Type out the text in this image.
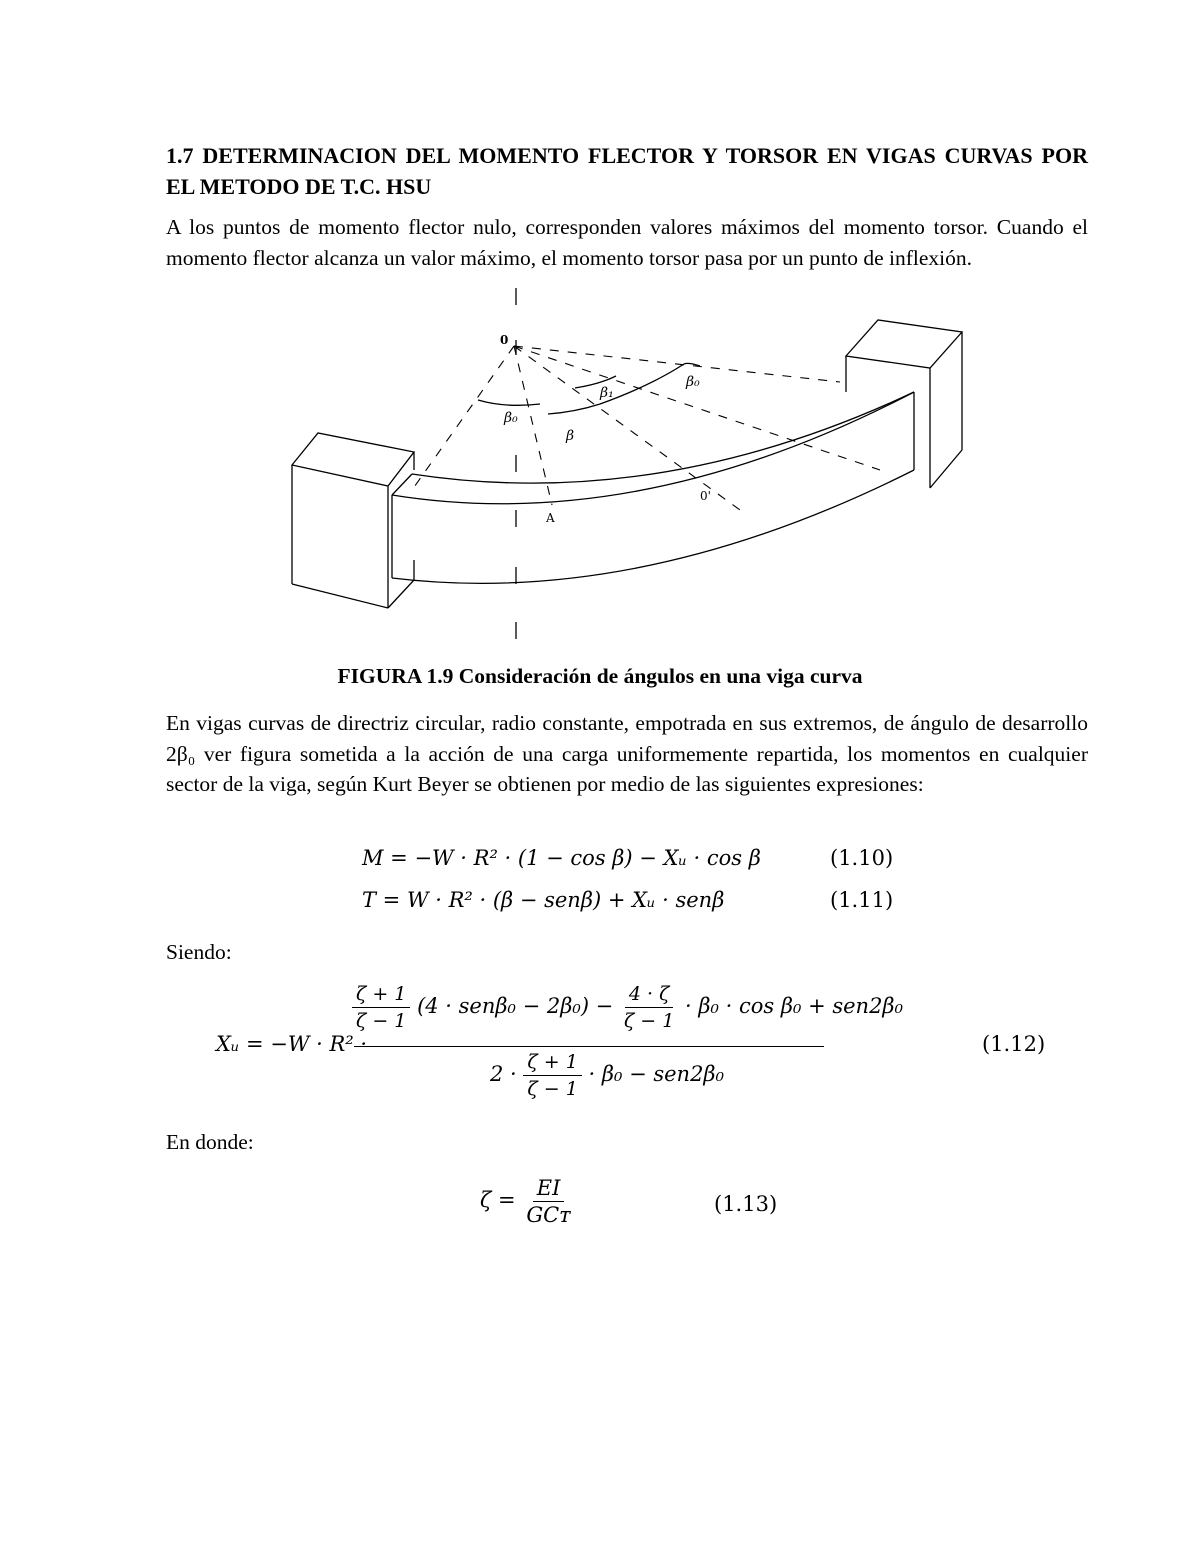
1.7 DETERMINACION DEL MOMENTO FLECTOR Y TORSOR EN VIGAS CURVAS POR EL METODO DE T.C. HSU
A los puntos de momento flector nulo, corresponden valores máximos del momento torsor. Cuando el momento flector alcanza un valor máximo, el momento torsor pasa por un punto de inflexión.
0
β₀
β₁
β₀
β
A
0'
FIGURA 1.9 Consideración de ángulos en una viga curva
En vigas curvas de directriz circular, radio constante, empotrada en sus extremos, de ángulo de desarrollo 2β₀ ver figura sometida a la acción de una carga uniformemente repartida, los momentos en cualquier sector de la viga, según Kurt Beyer se obtienen por medio de las siguientes expresiones:
M = −W · R² · (1 − cos β) − Xᵤ · cos β	(1.10)
T = W · R² · (β − senβ) + Xᵤ · senβ	(1.11)
Siendo:
Xᵤ = −W · R² ·
$\frac{\zeta + 1}{\zeta - 1} (4 \cdot sen\beta_0 - 2\beta_0) - \frac{4 \cdot \zeta}{\zeta - 1} \cdot \beta_0 \cdot \cos \beta_0 + sen2\beta_0$
$2 \cdot \frac{\zeta + 1}{\zeta - 1} \cdot \beta_0 - sen2\beta_0$
(1.12)
En donde:
$\zeta = \frac{EI}{\text{GCᴛ}}$	(1.13)
